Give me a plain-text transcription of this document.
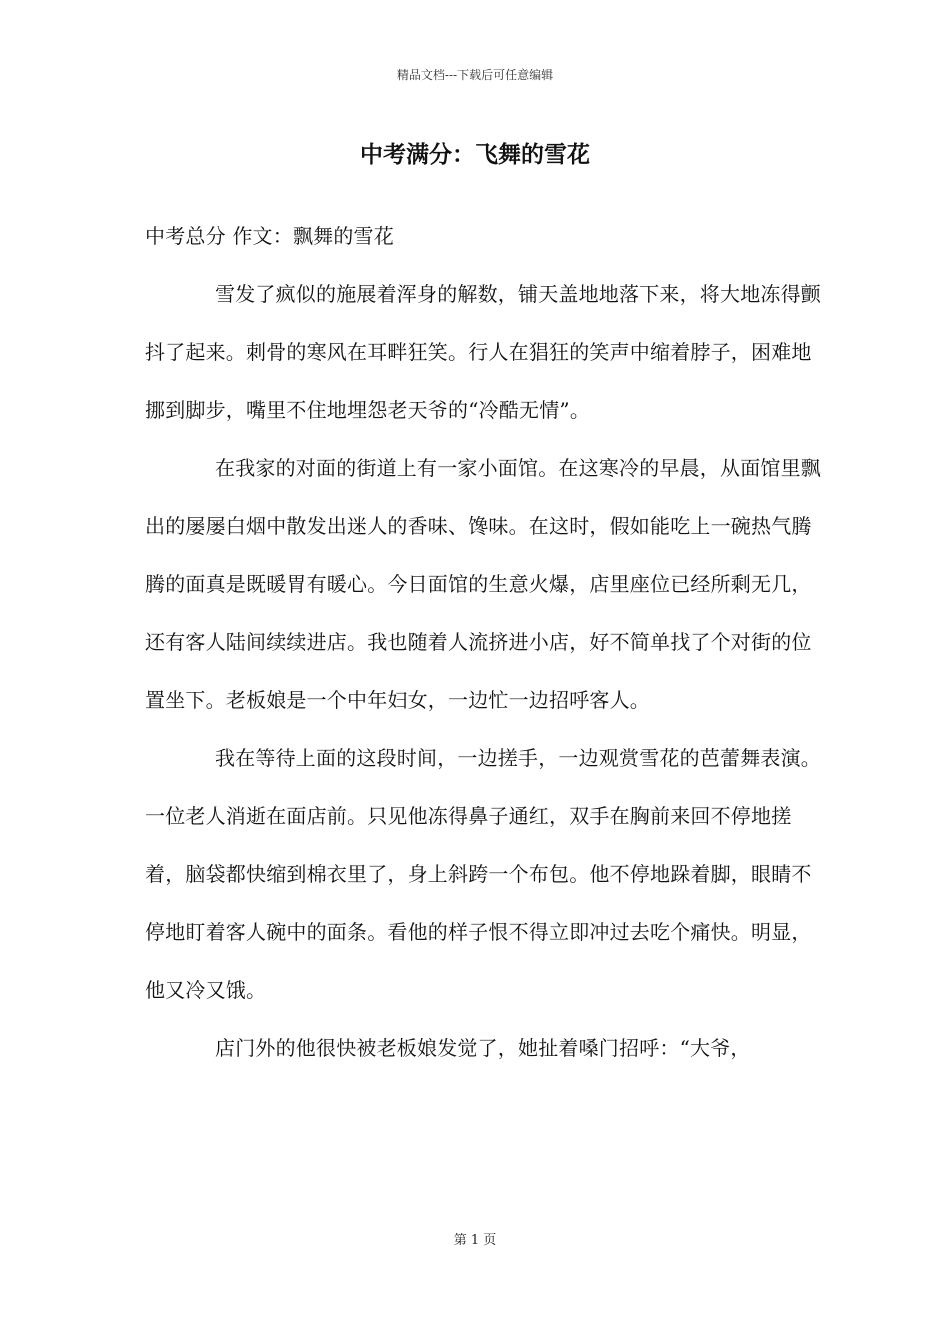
精品文档---下载后可任意编辑
中考满分：飞舞的雪花

中考总分 作文：飘舞的雪花

雪发了疯似的施展着浑身的解数，铺天盖地地落下来，将大地冻得颤抖了起来。刺骨的寒风在耳畔狂笑。行人在猖狂的笑声中缩着脖子，困难地挪到脚步，嘴里不住地埋怨老天爷的“冷酷无情”。

在我家的对面的街道上有一家小面馆。在这寒冷的早晨，从面馆里飘出的屡屡白烟中散发出迷人的香味、馋味。在这时，假如能吃上一碗热气腾腾的面真是既暖胃有暖心。今日面馆的生意火爆，店里座位已经所剩无几，还有客人陆间续续进店。我也随着人流挤进小店，好不简单找了个对街的位置坐下。老板娘是一个中年妇女，一边忙一边招呼客人。

我在等待上面的这段时间，一边搓手，一边观赏雪花的芭蕾舞表演。一位老人消逝在面店前。只见他冻得鼻子通红，双手在胸前来回不停地搓着，脑袋都快缩到棉衣里了，身上斜跨一个布包。他不停地跺着脚，眼睛不停地盯着客人碗中的面条。看他的样子恨不得立即冲过去吃个痛快。明显，他又冷又饿。

店门外的他很快被老板娘发觉了，她扯着嗓门招呼：“大爷，

第 1 页
